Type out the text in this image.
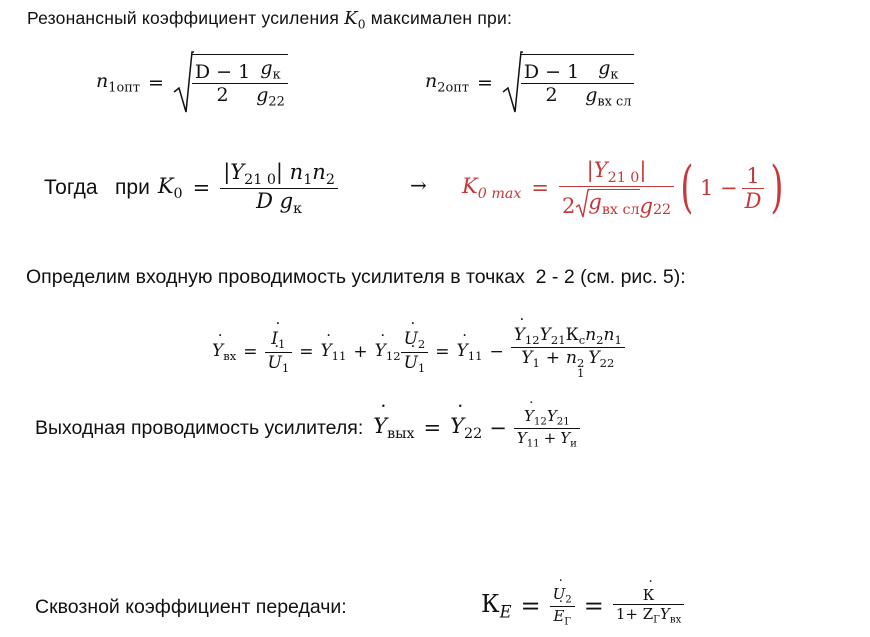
Резонансный коэффициент усиления $K_0$ максимален при:
$n_{1опт} = \frac{D - 1}{2} \frac{g_к}{g_{22}}$	$n_{2опт} = \frac{D - 1}{2} \frac{g_к}{g_{вх сл}}$
Тогда   при $K_0 = \frac{|Y_{21 0}| n_1n_2}{D g_к}$	→ $K_{0 max} = \frac{|Y_{21 0}|}{2 g_{вх сл} g 22}$ ( $1 - \frac{1}{D}$ )
Определим входную проводимость усилителя в точках  2 - 2 (см. рис. 5):
˙ $Y_{вх}$ = ˙ $I_1$
˙ $U_1$ = ˙ $Y_{11}$ + ˙ $Y_{12}$ ˙ $U_2$
˙ $U_1$ = ˙ $Y_{11}$ − ˙ $Y_{12}Y_{21}К_сn_2n_1$
$Y_1 + n$ 2
1
$Y_{22}$
Выходная проводимость усилителя: ˙ $Y_{вых}$ = ˙ $Y_{22}$ − ˙ $\frac{Y_{12}Y_{21}}{Y_{11} + Y_и}$
Сквозной коэффициент передачи:	$К_E$ = ˙ $U_2$
˙ $E_Г$ = ˙ $\frac{К}{1+ Z_ГY_{вх}}$
